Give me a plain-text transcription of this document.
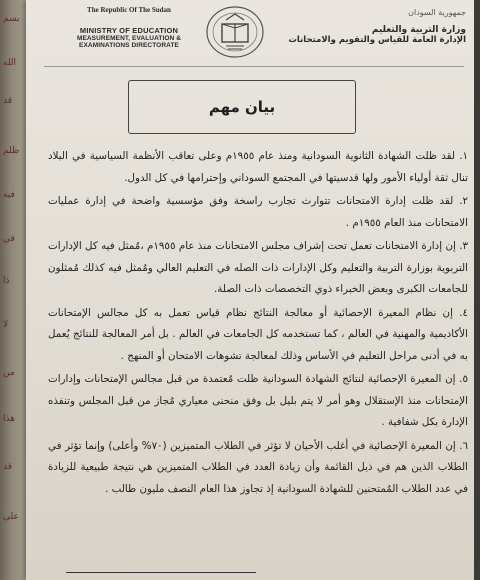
بسم
الله
قد
ظلم
فيه
في
ذا
لا
من
هذا
قد
على
The Republic Of The Sudan
MINISTRY OF EDUCATION
MEASUREMENT, EVALUATION &
EXAMINATIONS DIRECTORATE
جمهورية السودان
وزارة التربية والتعليم
الإدارة العامة للقياس والتقويم والامتحانات
بيان مهم

١. لقد ظلت الشهادة الثانوية السودانية ومنذ عام ١٩٥٥م وعلى تعاقب الأنظمة السياسية في البلاد تنال ثقة أولياء الأمور ولها قدسيتها في المجتمع السوداني وإحترامها في كل الدول.

٢. لقد ظلت إدارة الامتحانات تتوارث تجارب راسخة وفق مؤسسية واضحة في إدارة عمليات الامتحانات منذ العام ١٩٥٥م .

٣. إن إدارة الامتحانات تعمل تحت إشراف مجلس الامتحانات منذ عام ١٩٥٥م ،مُمثل فيه كل الإدارات التربوية بوزارة التربية والتعليم وكل الإدارات ذات الصله في التعليم العالي ومُمثل فيه كذلك مُمثلون للجامعات الكبرى وبعض الخبراء ذوي التخصصات ذات الصلة.

٤. إن نظام المعيرة الإحصائية أو معالجة النتائج نظام قياس تعمل به كل مجالس الإمتحانات الأكاديمية والمهنية في العالم ، كما تستخدمه كل الجامعات في العالم . بل أمر المعالجة للنتائج يُعمل به في أدنى مراحل التعليم في الأساس وذلك لمعالجة تشوهات الامتحان أو المنهج .

٥. إن المعيرة الإحصائية لنتائج الشهادة السودانية ظلت مُعتمدة من قبل مجالس الإمتحانات وإدارات الإمتحانات منذ الإستقلال وهو أمر لا يتم بليل بل وفق منحنى معياري مُجاز من قبل المجلس وتنفذه الإدارة بكل شفافية .

٦. إن المعيرة الإحصائية في أغلب الأحيان لا تؤثر في الطلاب المتميزين (٧٠% وأعلى) وإنما تؤثر في الطلاب الذين هم في ذيل القائمة وأن زيادة العدد في الطلاب المتميزين هي نتيجة طبيعية للزيادة في عدد الطلاب المُمتحنين للشهادة السودانية إذ تجاوز هذا العام النصف مليون طالب .
